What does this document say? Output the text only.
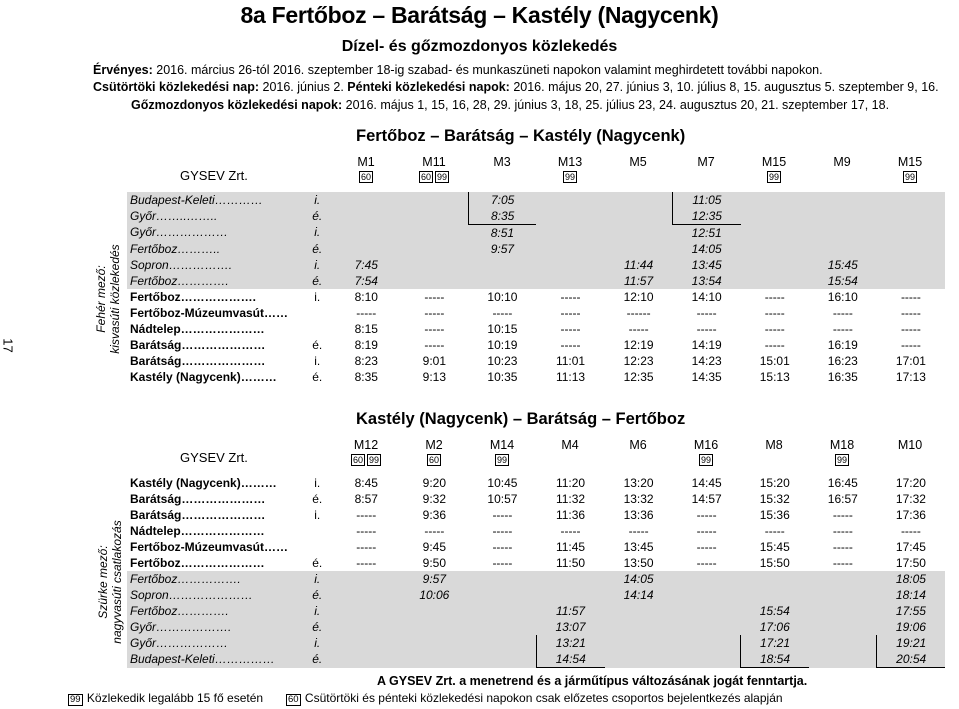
8a Fertőboz – Barátság – Kastély (Nagycenk)
Dízel- és gőzmozdonyos közlekedés
Érvényes: 2016. március 26-tól 2016. szeptember 18-ig szabad- és munkaszüneti napokon valamint meghirdetett további napokon.
Csütörtöki közlekedési nap: 2016. június 2. Pénteki közlekedési napok: 2016. május 20, 27. június 3, 10. július 8, 15. augusztus 5. szeptember 9, 16.
Gőzmozdonyos közlekedési napok: 2016. május 1, 15, 16, 28, 29. június 3, 18, 25. július 23, 24. augusztus 20, 21. szeptember 17, 18.
17
Fertőboz – Barátság – Kastély (Nagycenk)
GYSEV Zrt.
M1
60
M11
60 99
M3	M13
99
M5	M7	M15
99
M9	M15
99
Budapest-Keleti…………	i.			7:05			11:05			
Győr……..……..	é.			8:35			12:35			
Győr………………	i.			8:51			12:51			
Fertőboz………..	é.			9:57			14:05			
Sopron…………….	i.	7:45				11:44	13:45		15:45	
Fertőboz………….	é.	7:54				11:57	13:54		15:54	
Fertőboz……………….	i.	8:10	-----	10:10	-----	12:10	14:10	-----	16:10	-----
Fertőboz-Múzeumvasút……		-----	-----	-----	-----	------	-----	-----	-----	-----
Nádtelep…………………		8:15	-----	10:15	-----	-----	-----	-----	-----	-----
Barátság…………………	é.	8:19	-----	10:19	-----	12:19	14:19	-----	16:19	-----
Barátság…………………	i.	8:23	9:01	10:23	11:01	12:23	14:23	15:01	16:23	17:01
Kastély (Nagycenk)………	é.	8:35	9:13	10:35	11:13	12:35	14:35	15:13	16:35	17:13
Fehér mező: kisvasúti közlekedés
Kastély (Nagycenk) – Barátság – Fertőboz
GYSEV Zrt.
M12
60 99
M2
60
M14
99
M4	M6	M16
99
M8	M18
99
M10
Kastély (Nagycenk)………	i.	8:45	9:20	10:45	11:20	13:20	14:45	15:20	16:45	17:20
Barátság…………………	é.	8:57	9:32	10:57	11:32	13:32	14:57	15:32	16:57	17:32
Barátság…………………	i.	-----	9:36	-----	11:36	13:36	-----	15:36	-----	17:36
Nádtelep…………………		-----	-----	-----	-----	-----	-----	-----	-----	-----
Fertőboz-Múzeumvasút……		-----	9:45	-----	11:45	13:45	-----	15:45	-----	17:45
Fertőboz…………………	é.	-----	9:50	-----	11:50	13:50	-----	15:50	-----	17:50
Fertőboz…………….	i.		9:57			14:05				18:05
Sopron…………………	é.		10:06			14:14				18:14
Fertőboz………….	i.				11:57			15:54		17:55
Győr……………….	é.				13:07			17:06		19:06
Győr………………	i.				13:21			17:21		19:21
Budapest-Keleti……………	é.				14:54			18:54		20:54
Szürke mező: nagyvasúti csatlakozás
A GYSEV Zrt. a menetrend és a járműtípus változásának jogát fenntartja.
99 Közlekedik legalább 15 fő esetén	60 Csütörtöki és pénteki közlekedési napokon csak előzetes csoportos bejelentkezés alapján
